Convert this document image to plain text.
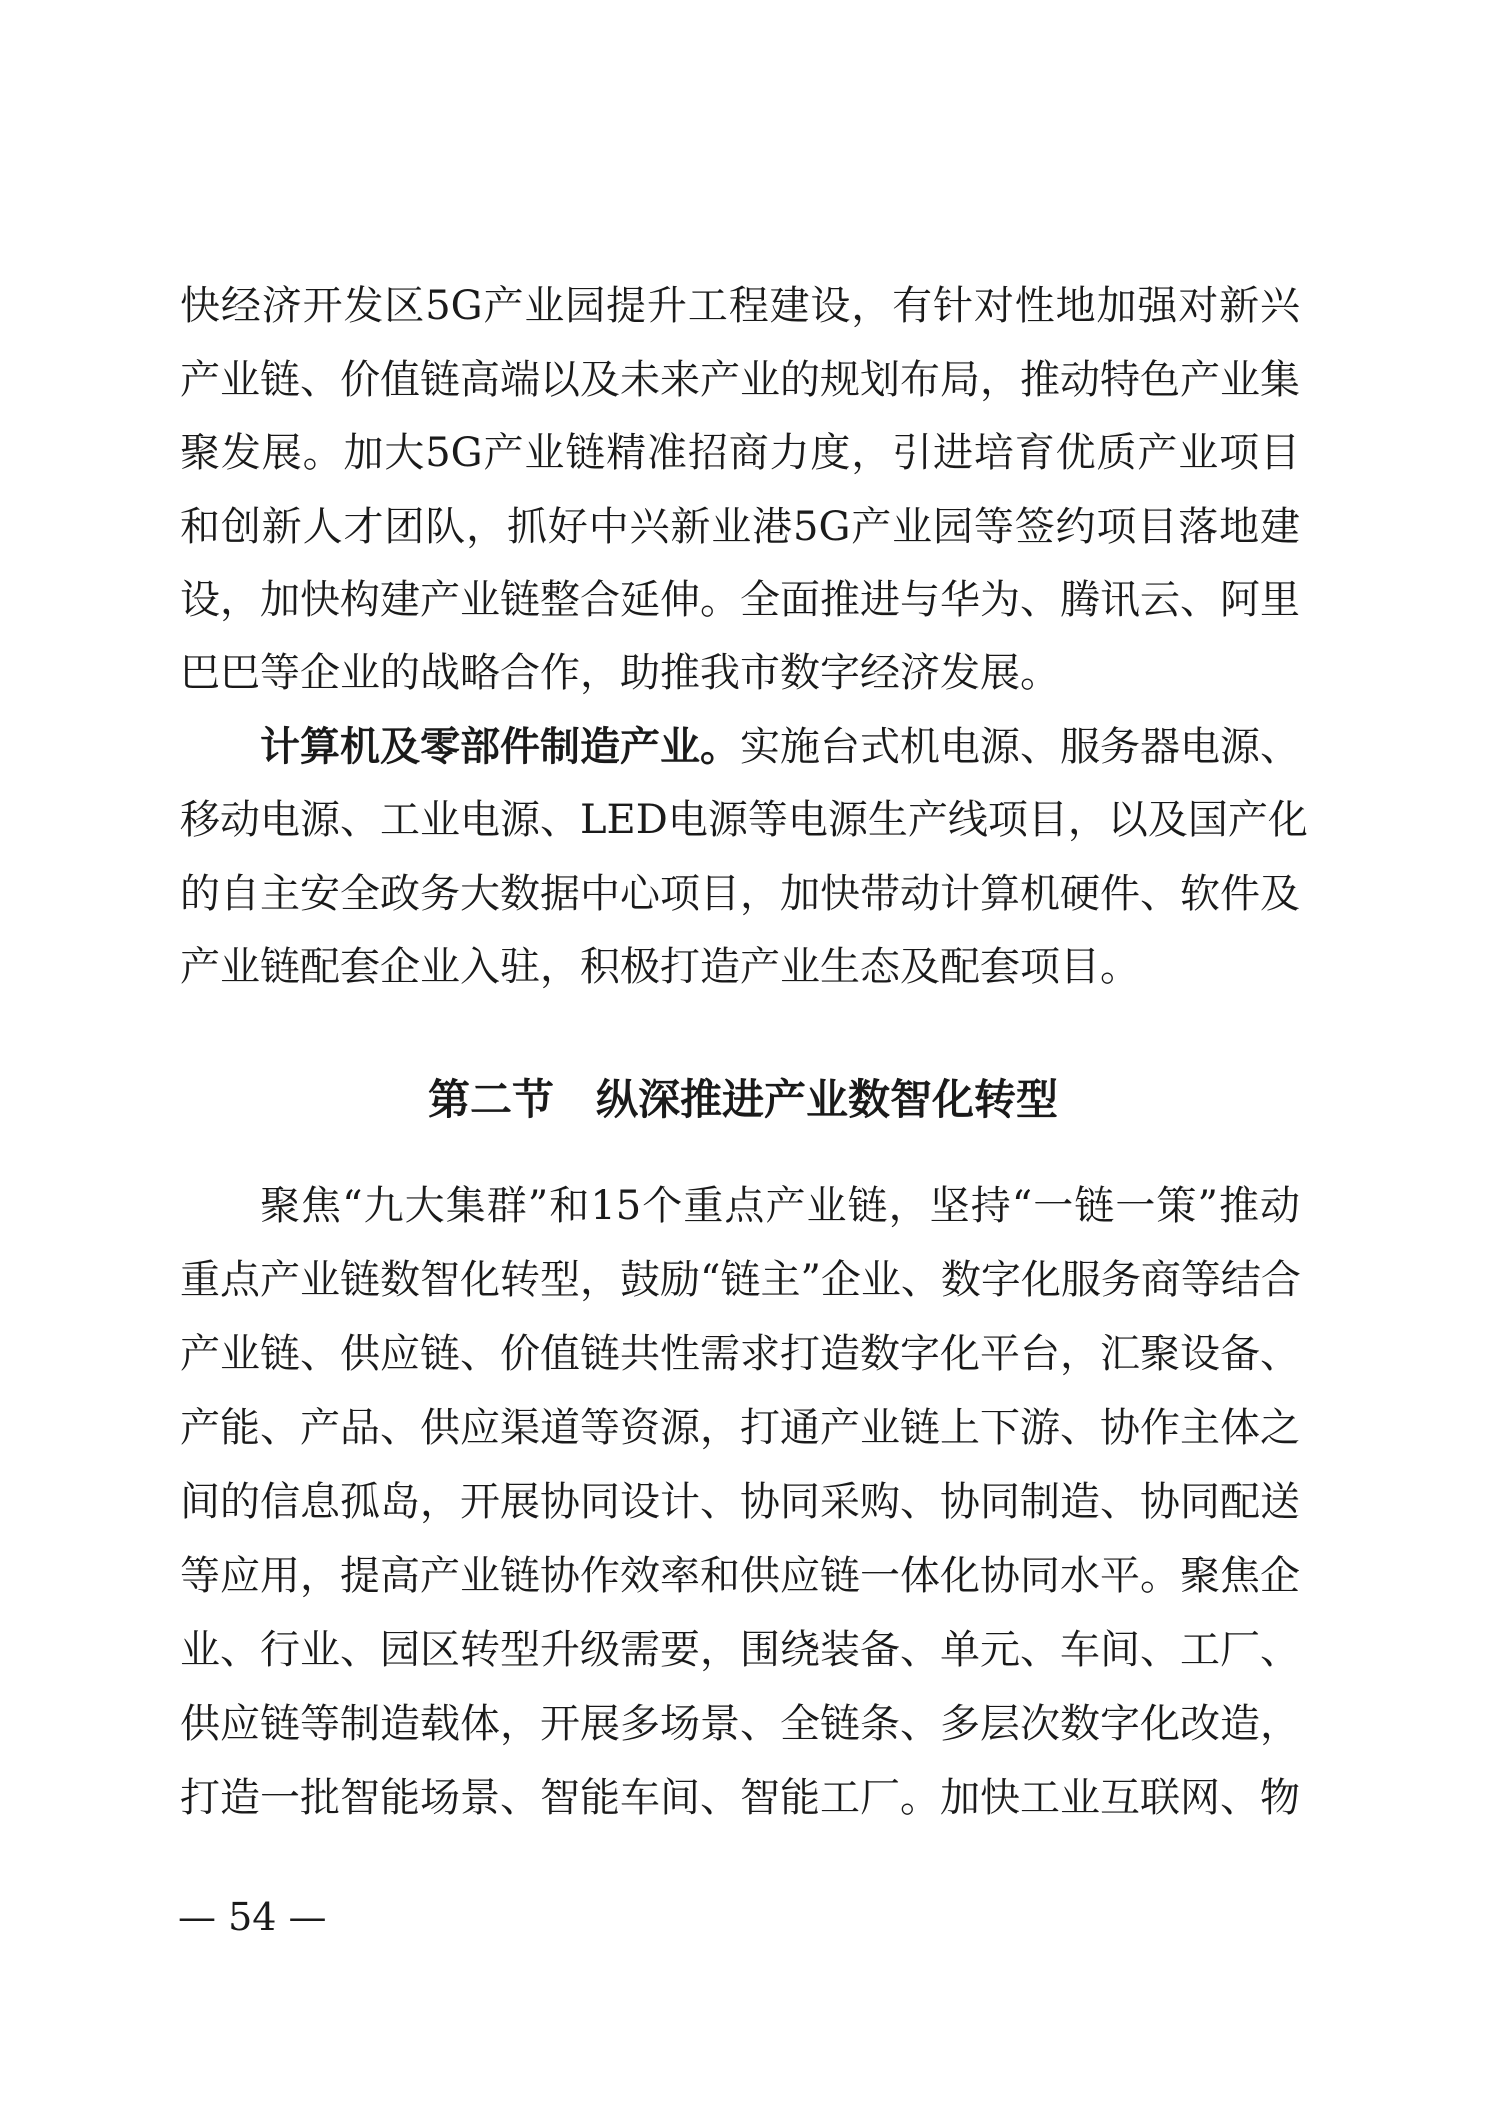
快经济开发区5G产业园提升工程建设，有针对性地加强对新兴
产业链、价值链高端以及未来产业的规划布局，推动特色产业集
聚发展。加大5G产业链精准招商力度，引进培育优质产业项目
和创新人才团队，抓好中兴新业港5G产业园等签约项目落地建
设，加快构建产业链整合延伸。全面推进与华为、腾讯云、阿里
巴巴等企业的战略合作，助推我市数字经济发展。
计算机及零部件制造产业。实施台式机电源、服务器电源、
移动电源、工业电源、LED电源等电源生产线项目，以及国产化
的自主安全政务大数据中心项目，加快带动计算机硬件、软件及
产业链配套企业入驻，积极打造产业生态及配套项目。
第二节　纵深推进产业数智化转型
聚焦“九大集群”和15个重点产业链，坚持“一链一策”推动
重点产业链数智化转型，鼓励“链主”企业、数字化服务商等结合
产业链、供应链、价值链共性需求打造数字化平台，汇聚设备、
产能、产品、供应渠道等资源，打通产业链上下游、协作主体之
间的信息孤岛，开展协同设计、协同采购、协同制造、协同配送
等应用，提高产业链协作效率和供应链一体化协同水平。聚焦企
业、行业、园区转型升级需要，围绕装备、单元、车间、工厂、
供应链等制造载体，开展多场景、全链条、多层次数字化改造，
打造一批智能场景、智能车间、智能工厂。加快工业互联网、物
— 54 —
